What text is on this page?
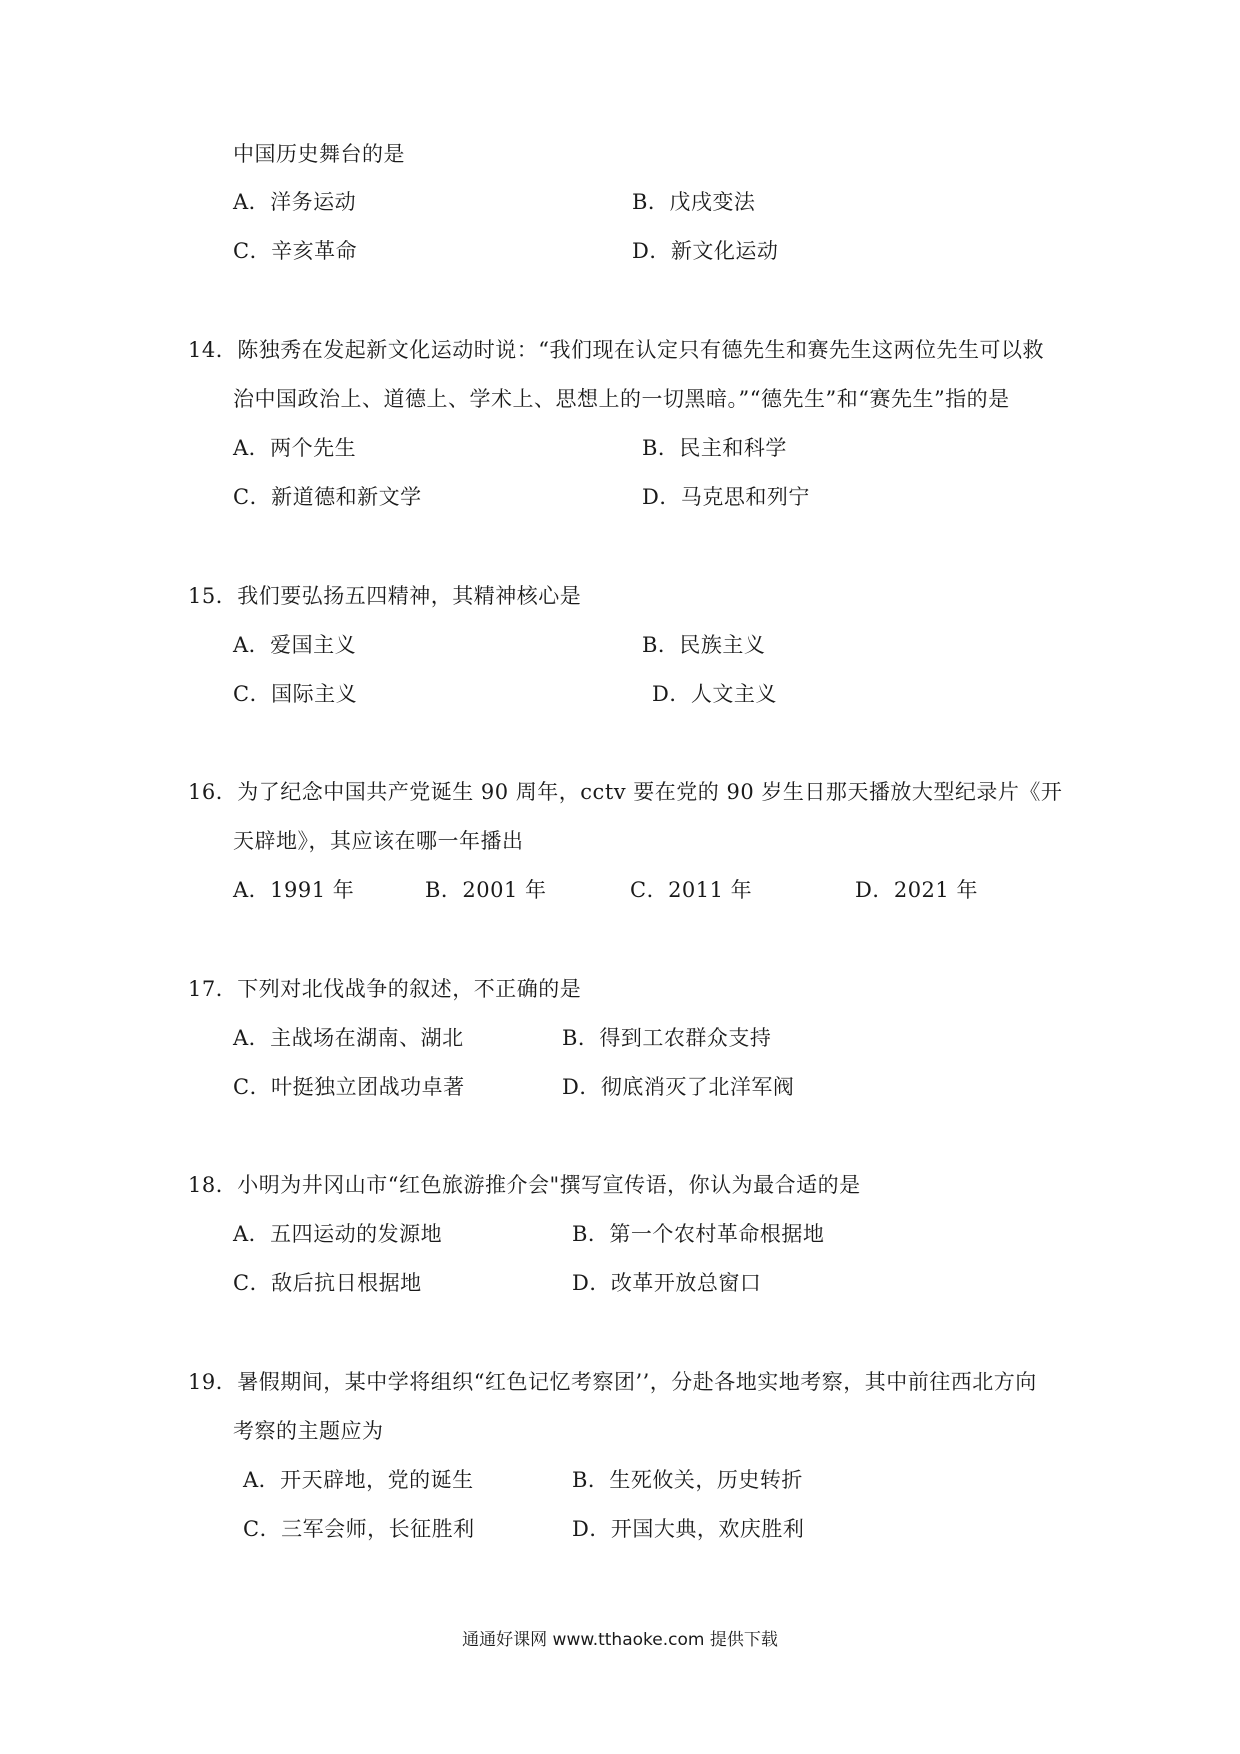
中国历史舞台的是
A．洋务运动	B．戊戌变法
C．辛亥革命	D．新文化运动
14．陈独秀在发起新文化运动时说：“我们现在认定只有德先生和赛先生这两位先生可以救
治中国政治上、道德上、学术上、思想上的一切黑暗。”“德先生”和“赛先生”指的是
A．两个先生	B．民主和科学
C．新道德和新文学	D．马克思和列宁
15．我们要弘扬五四精神，其精神核心是
A．爱国主义	B．民族主义
C．国际主义	D．人文主义
16．为了纪念中国共产党诞生 90 周年，cctv 要在党的 90 岁生日那天播放大型纪录片《开
天辟地》，其应该在哪一年播出
A．1991 年	B．2001 年	C．2011 年	D．2021 年
17．下列对北伐战争的叙述，不正确的是
A．主战场在湖南、湖北	B．得到工农群众支持
C．叶挺独立团战功卓著	D．彻底消灭了北洋军阀
18．小明为井冈山市“红色旅游推介会"撰写宣传语，你认为最合适的是
A．五四运动的发源地	B．第一个农村革命根据地
C．敌后抗日根据地	D．改革开放总窗口
19．暑假期间，某中学将组织“红色记忆考察团’’，分赴各地实地考察，其中前往西北方向
考察的主题应为
A．开天辟地，党的诞生	B．生死攸关，历史转折
C．三军会师，长征胜利	D．开国大典，欢庆胜利
通通好课网 www.tthaoke.com 提供下载
